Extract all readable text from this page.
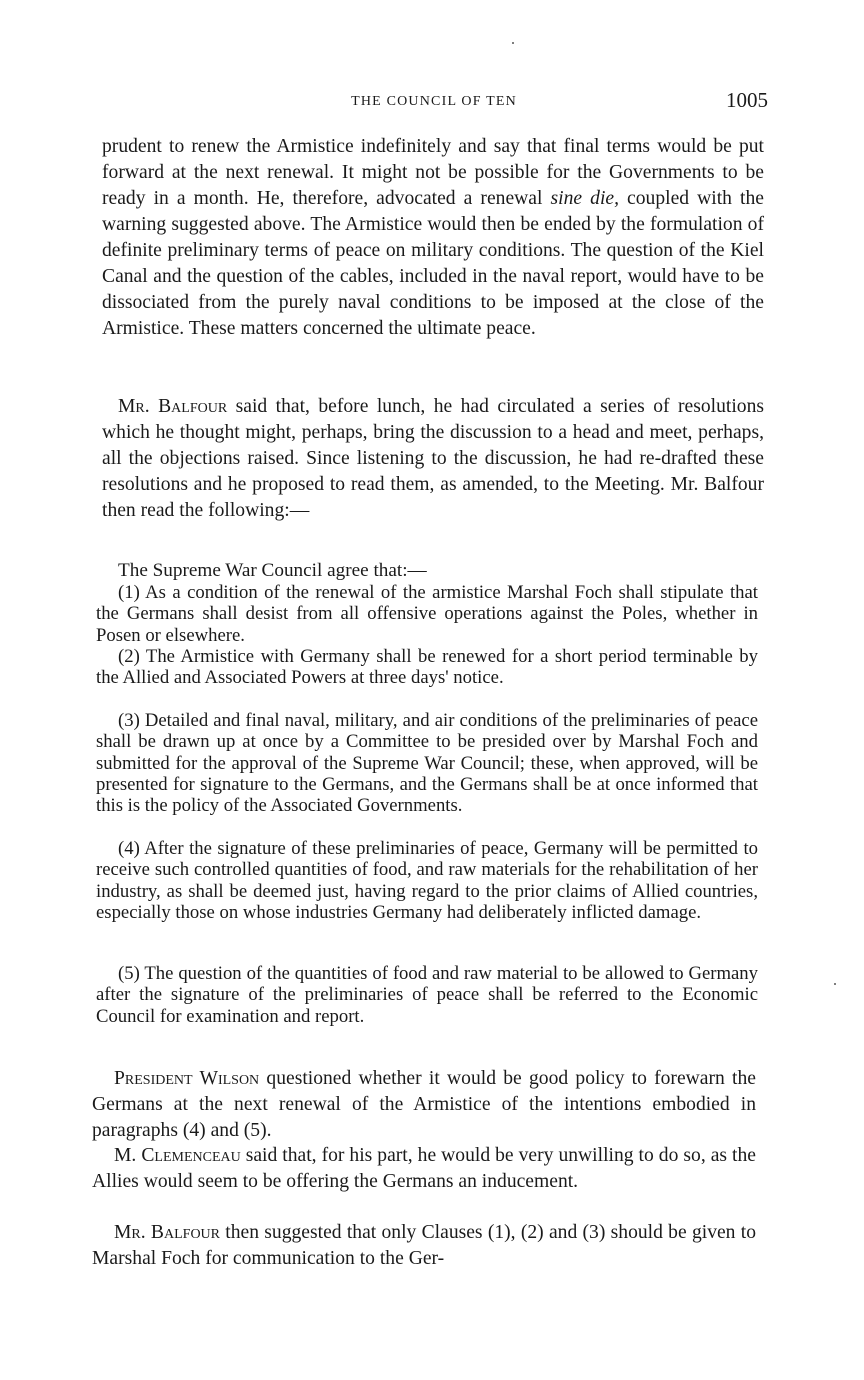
THE COUNCIL OF TEN	1005

prudent to renew the Armistice indefinitely and say that final terms would be put forward at the next renewal. It might not be possible for the Governments to be ready in a month. He, therefore, advocated a renewal sine die, coupled with the warning suggested above. The Armistice would then be ended by the formulation of definite preliminary terms of peace on military conditions. The question of the Kiel Canal and the question of the cables, included in the naval report, would have to be dissociated from the purely naval conditions to be imposed at the close of the Armistice. These matters concerned the ultimate peace.

Mr. Balfour said that, before lunch, he had circulated a series of resolutions which he thought might, perhaps, bring the discussion to a head and meet, perhaps, all the objections raised. Since listening to the discussion, he had re-drafted these resolutions and he proposed to read them, as amended, to the Meeting. Mr. Balfour then read the following:—

The Supreme War Council agree that:—

(1) As a condition of the renewal of the armistice Marshal Foch shall stipulate that the Germans shall desist from all offensive operations against the Poles, whether in Posen or elsewhere.

(2) The Armistice with Germany shall be renewed for a short period terminable by the Allied and Associated Powers at three days' notice.

(3) Detailed and final naval, military, and air conditions of the preliminaries of peace shall be drawn up at once by a Committee to be presided over by Marshal Foch and submitted for the approval of the Supreme War Council; these, when approved, will be presented for signature to the Germans, and the Germans shall be at once informed that this is the policy of the Associated Governments.

(4) After the signature of these preliminaries of peace, Germany will be permitted to receive such controlled quantities of food, and raw materials for the rehabilitation of her industry, as shall be deemed just, having regard to the prior claims of Allied countries, especially those on whose industries Germany had deliberately inflicted damage.

(5) The question of the quantities of food and raw material to be allowed to Germany after the signature of the preliminaries of peace shall be referred to the Economic Council for examination and report.

President Wilson questioned whether it would be good policy to forewarn the Germans at the next renewal of the Armistice of the intentions embodied in paragraphs (4) and (5).

M. Clemenceau said that, for his part, he would be very unwilling to do so, as the Allies would seem to be offering the Germans an inducement.

Mr. Balfour then suggested that only Clauses (1), (2) and (3) should be given to Marshal Foch for communication to the Ger-
